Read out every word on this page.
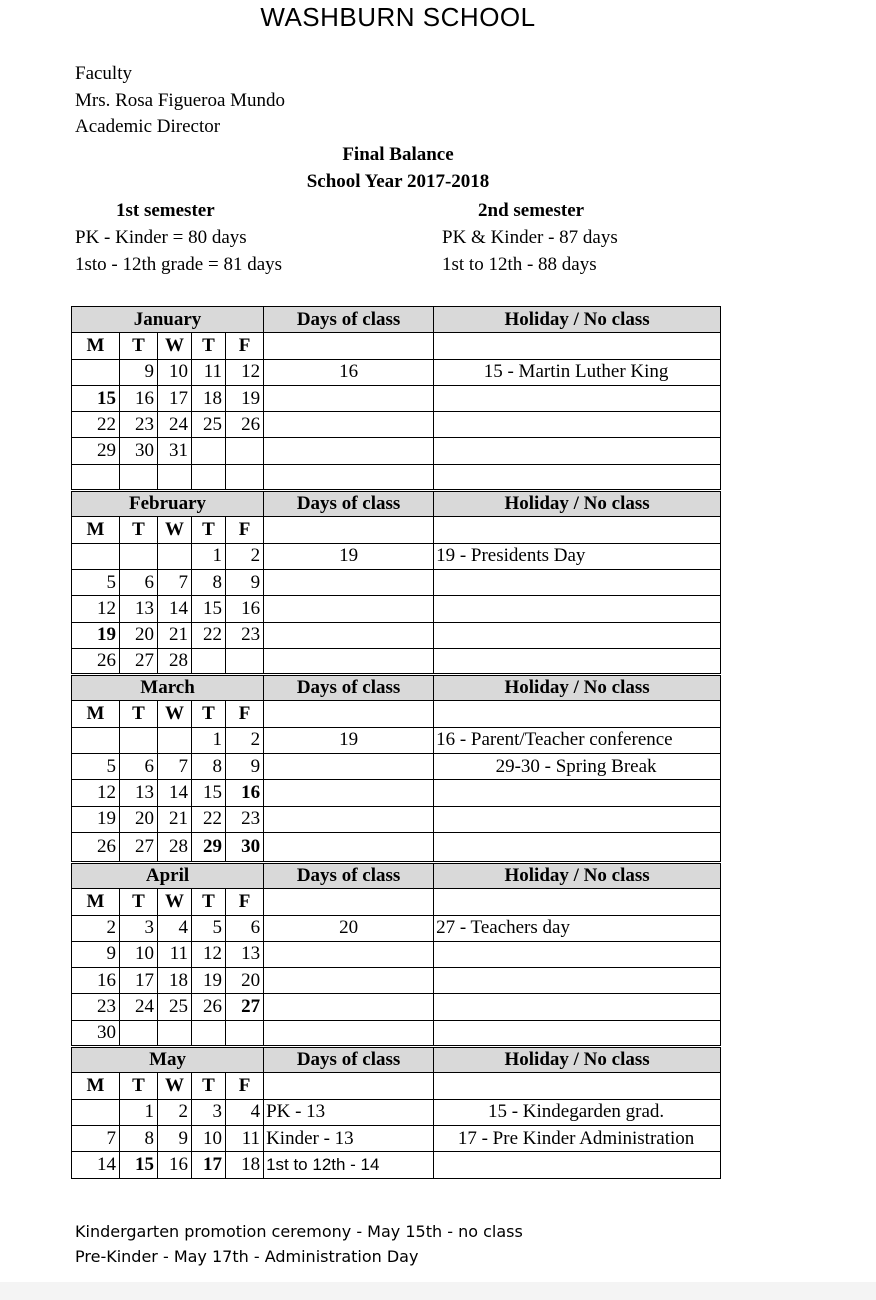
WASHBURN SCHOOL
Faculty
Mrs. Rosa Figueroa Mundo
Academic Director
Final Balance
School Year 2017-2018
1st semester
PK - Kinder = 80 days
1sto - 12th grade = 81 days
2nd semester
PK & Kinder - 87 days
1st to 12th - 88 days
January					Days of class	Holiday / No class
M	T	W	T	F		
	9	10	11	12	16	15 - Martin Luther King
15	16	17	18	19		
22	23	24	25	26		
29	30	31				

February					Days of class	Holiday / No class
M	T	W	T	F		
			1	2	19	19 - Presidents Day
5	6	7	8	9		
12	13	14	15	16		
19	20	21	22	23		
26	27	28				
March					Days of class	Holiday / No class
M	T	W	T	F		
			1	2	19	16 - Parent/Teacher conference
5	6	7	8	9		29-30 - Spring Break
12	13	14	15	16		
19	20	21	22	23		
26	27	28	29	30		
April					Days of class	Holiday / No class
M	T	W	T	F		
2	3	4	5	6	20	27 - Teachers day
9	10	11	12	13		
16	17	18	19	20		
23	24	25	26	27		
30						
May					Days of class	Holiday / No class
M	T	W	T	F		
	1	2	3	4	PK - 13	15 - Kindegarden grad.
7	8	9	10	11	Kinder - 13	17 - Pre Kinder Administration
14	15	16	17	18	1st to 12th - 14	
Kindergarten promotion ceremony - May 15th - no class
Pre-Kinder - May 17th - Administration Day
